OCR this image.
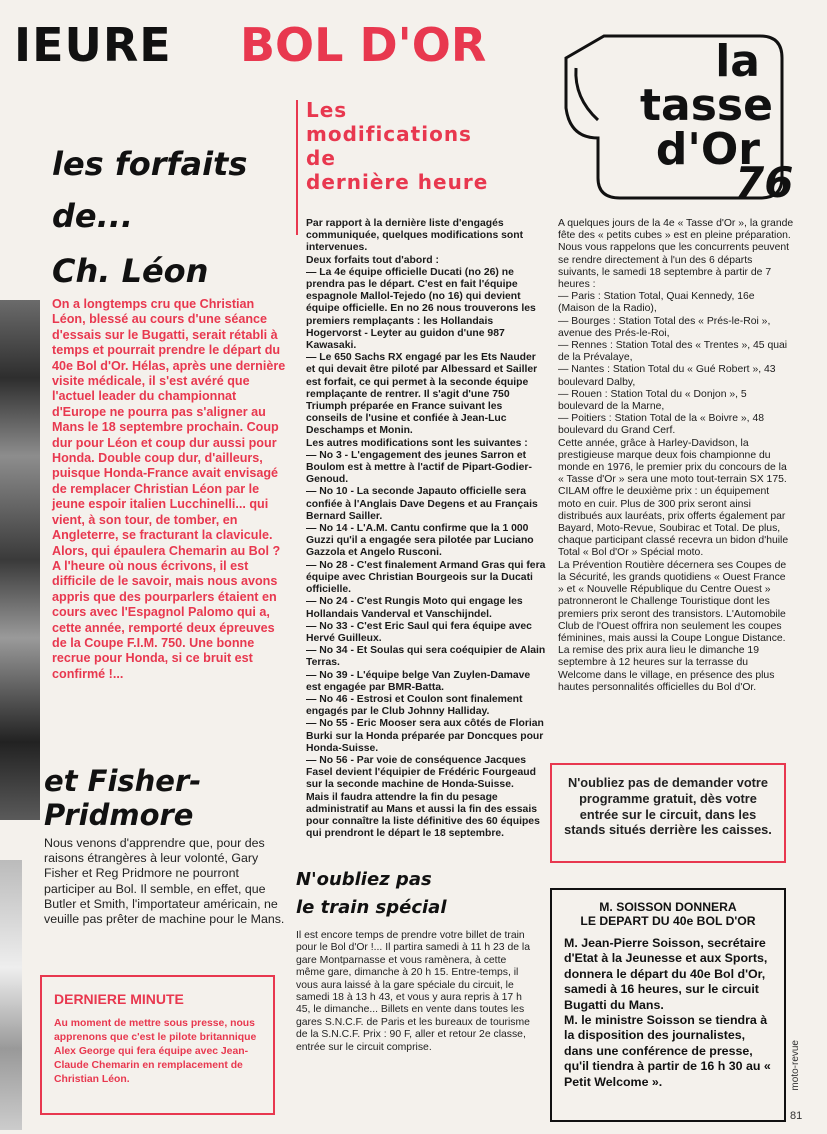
IEURE BOL D'OR	la
tasse
d'Or
76
Les
modifications
de
dernière heure
les forfaits
de...
Ch. Léon
On a longtemps cru que Christian Léon, blessé au cours d'une séance d'essais sur le Bugatti, serait rétabli à temps et pourrait prendre le départ du 40e Bol d'Or. Hélas, après une dernière visite médicale, il s'est avéré que l'actuel leader du championnat d'Europe ne pourra pas s'aligner au Mans le 18 septembre prochain. Coup dur pour Léon et coup dur aussi pour Honda. Double coup dur, d'ailleurs, puisque Honda-France avait envisagé de remplacer Christian Léon par le jeune espoir italien Lucchinelli... qui vient, à son tour, de tomber, en Angleterre, se fracturant la clavicule. Alors, qui épaulera Chemarin au Bol ? A l'heure où nous écrivons, il est difficile de le savoir, mais nous avons appris que des pourparlers étaient en cours avec l'Espagnol Palomo qui a, cette année, remporté deux épreuves de la Coupe F.I.M. 750. Une bonne recrue pour Honda, si ce bruit est confirmé !...
et Fisher-
Pridmore
Nous venons d'apprendre que, pour des raisons étrangères à leur volonté, Gary Fisher et Reg Pridmore ne pourront participer au Bol. Il semble, en effet, que Butler et Smith, l'importateur américain, ne veuille pas prêter de machine pour le Mans.
DERNIERE MINUTE
Au moment de mettre sous presse, nous apprenons que c'est le pilote britannique Alex George qui fera équipe avec Jean-Claude Chemarin en remplacement de Christian Léon.

Par rapport à la dernière liste d'engagés communiquée, quelques modifications sont intervenues.

Deux forfaits tout d'abord :

— La 4e équipe officielle Ducati (no 26) ne prendra pas le départ. C'est en fait l'équipe espagnole Mallol-Tejedo (no 16) qui devient équipe officielle. En no 26 nous trouverons les premiers remplaçants : les Hollandais Hogervorst - Leyter au guidon d'une 987 Kawasaki.

— Le 650 Sachs RX engagé par les Ets Nauder et qui devait être piloté par Albessard et Sailler est forfait, ce qui permet à la seconde équipe remplaçante de rentrer. Il s'agit d'une 750 Triumph préparée en France suivant les conseils de l'usine et confiée à Jean-Luc Deschamps et Monin.

Les autres modifications sont les suivantes :

— No 3 - L'engagement des jeunes Sarron et Boulom est à mettre à l'actif de Pipart-Godier-Genoud.

— No 10 - La seconde Japauto officielle sera confiée à l'Anglais Dave Degens et au Français Bernard Sailler.

— No 14 - L'A.M. Cantu confirme que la 1 000 Guzzi qu'il a engagée sera pilotée par Luciano Gazzola et Angelo Rusconi.

— No 28 - C'est finalement Armand Gras qui fera équipe avec Christian Bourgeois sur la Ducati officielle.

— No 24 - C'est Rungis Moto qui engage les Hollandais Vanderval et Vanschijndel.

— No 33 - C'est Eric Saul qui fera équipe avec Hervé Guilleux.

— No 34 - Et Soulas qui sera coéquipier de Alain Terras.

— No 39 - L'équipe belge Van Zuylen-Damave est engagée par BMR-Batta.

— No 46 - Estrosi et Coulon sont finalement engagés par le Club Johnny Halliday.

— No 55 - Eric Mooser sera aux côtés de Florian Burki sur la Honda préparée par Doncques pour Honda-Suisse.

— No 56 - Par voie de conséquence Jacques Fasel devient l'équipier de Frédéric Fourgeaud sur la seconde machine de Honda-Suisse.

Mais il faudra attendre la fin du pesage administratif au Mans et aussi la fin des essais pour connaître la liste définitive des 60 équipes qui prendront le départ le 18 septembre.

N'oubliez pas
le train spécial
Il est encore temps de prendre votre billet de train pour le Bol d'Or !... Il partira samedi à 11 h 23 de la gare Montparnasse et vous ramènera, à cette même gare, dimanche à 20 h 15. Entre-temps, il vous aura laissé à la gare spéciale du circuit, le samedi 18 à 13 h 43, et vous y aura repris à 17 h 45, le dimanche... Billets en vente dans toutes les gares S.N.C.F. de Paris et les bureaux de tourisme de la S.N.C.F. Prix : 90 F, aller et retour 2e classe, entrée sur le circuit comprise.

A quelques jours de la 4e « Tasse d'Or », la grande fête des « petits cubes » est en pleine préparation. Nous vous rappelons que les concurrents peuvent se rendre directement à l'un des 6 départs suivants, le samedi 18 septembre à partir de 7 heures :

— Paris : Station Total, Quai Kennedy, 16e (Maison de la Radio),

— Bourges : Station Total des « Prés-le-Roi », avenue des Prés-le-Roi,

— Rennes : Station Total des « Trentes », 45 quai de la Prévalaye,

— Nantes : Station Total du « Gué Robert », 43 boulevard Dalby,

— Rouen : Station Total du « Donjon », 5 boulevard de la Marne,

— Poitiers : Station Total de la « Boivre », 48 boulevard du Grand Cerf.

Cette année, grâce à Harley-Davidson, la prestigieuse marque deux fois championne du monde en 1976, le premier prix du concours de la « Tasse d'Or » sera une moto tout-terrain SX 175. CILAM offre le deuxième prix : un équipement moto en cuir. Plus de 300 prix seront ainsi distribués aux lauréats, prix offerts également par Bayard, Moto-Revue, Soubirac et Total. De plus, chaque participant classé recevra un bidon d'huile Total « Bol d'Or » Spécial moto.

La Prévention Routière décernera ses Coupes de la Sécurité, les grands quotidiens « Ouest France » et « Nouvelle République du Centre Ouest » patronneront le Challenge Touristique dont les premiers prix seront des transistors. L'Automobile Club de l'Ouest offrira non seulement les coupes féminines, mais aussi la Coupe Longue Distance.

La remise des prix aura lieu le dimanche 19 septembre à 12 heures sur la terrasse du Welcome dans le village, en présence des plus hautes personnalités officielles du Bol d'Or.

N'oubliez pas de demander votre programme gratuit, dès votre entrée sur le circuit, dans les stands situés derrière les caisses.
M. SOISSON DONNERA
LE DEPART DU 40e BOL D'OR
M. Jean-Pierre Soisson, secrétaire d'Etat à la Jeunesse et aux Sports, donnera le départ du 40e Bol d'Or, samedi à 16 heures, sur le circuit Bugatti du Mans.
M. le ministre Soisson se tiendra à la disposition des journalistes, dans une conférence de presse, qu'il tiendra à partir de 16 h 30 au « Petit Welcome ».	moto-revue
81
